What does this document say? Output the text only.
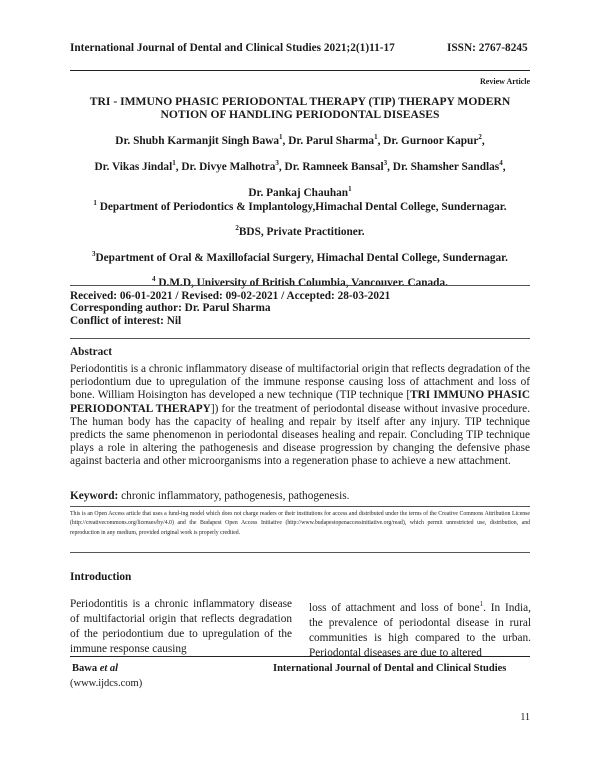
International Journal of Dental and Clinical Studies 2021;2(1)11-17	ISSN: 2767-8245
Review Article
TRI - IMMUNO PHASIC PERIODONTAL THERAPY (TIP) THERAPY MODERN
NOTION OF HANDLING PERIODONTAL DISEASES
Dr. Shubh Karmanjit Singh Bawa$^1$, Dr. Parul Sharma$^1$, Dr. Gurnoor Kapur$^2$,
Dr. Vikas Jindal$^1$, Dr. Divye Malhotra$^3$, Dr. Ramneek Bansal$^3$, Dr. Shamsher Sandlas$^4$,
Dr. Pankaj Chauhan$^1$
$^1$ Department of Periodontics & Implantology,Himachal Dental College, Sundernagar.
$^2$BDS, Private Practitioner.
$^3$Department of Oral & Maxillofacial Surgery, Himachal Dental College, Sundernagar.
$^4$ D.M.D, University of British Columbia, Vancouver. Canada.
Received: 06-01-2021 / Revised: 09-02-2021 / Accepted: 28-03-2021
Corresponding author: Dr. Parul Sharma
Conflict of interest: Nil
Abstract
Periodontitis is a chronic inflammatory disease of multifactorial origin that reflects degradation of the periodontium due to upregulation of the immune response causing loss of attachment and loss of bone. William Hoisington has developed a new technique (TIP technique [TRI IMMUNO PHASIC PERIODONTAL THERAPY]) for the treatment of periodontal disease without invasive procedure. The human body has the capacity of healing and repair by itself after any injury. TIP technique predicts the same phenomenon in periodontal diseases healing and repair. Concluding TIP technique plays a role in altering the pathogenesis and disease progression by changing the defensive phase against bacteria and other microorganisms into a regeneration phase to achieve a new attachment.
Keyword: chronic inflammatory, pathogenesis, pathogenesis.
This is an Open Access article that uses a fund-ing model which does not charge readers or their institutions for access and distributed under the terms of the Creative Commons Attribution License (http://creativecommons.org/licenses/by/4.0) and the Budapest Open Access Initiative (http://www.budapestopenaccessinitiative.org/read), which permit unrestricted use, distribution, and reproduction in any medium, provided original work is properly credited.
Introduction
Periodontitis is a chronic inflammatory disease of multifactorial origin that reflects degradation of the periodontium due to upregulation of the immune response causing
loss of attachment and loss of bone$^1$. In India, the prevalence of periodontal disease in rural communities is high compared to the urban. Periodontal diseases are due to altered
Bawa et al	International Journal of Dental and Clinical Studies
(www.ijdcs.com)
11
